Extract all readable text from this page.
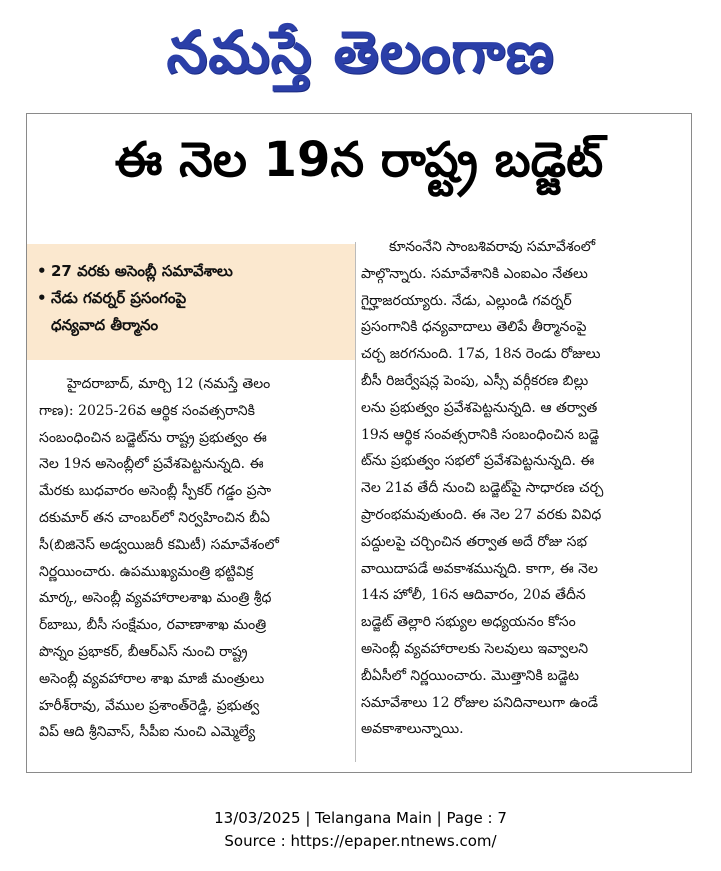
నమస్తే తెలంగాణ
ఈ నెల 19న రాష్ట్ర బడ్జెట్
• 27 వరకు అసెంబ్లీ సమావేశాలు
• నేడు గవర్నర్ ప్రసంగంపై
ధన్యవాద తీర్మానం
హైదరాబాద్, మార్చి 12 (నమస్తే తెలం
గాణ): 2025-26వ ఆర్థిక సంవత్సరానికి
సంబంధించిన బడ్జెట్‌ను రాష్ట్ర ప్రభుత్వం ఈ
నెల 19న అసెంబ్లీలో ప్రవేశపెట్టనున్నది. ఈ
మేరకు బుధవారం అసెంబ్లీ స్పీకర్ గడ్డం ప్రసా
దకుమార్ తన చాంబర్‌లో నిర్వహించిన బీఏ
సీ(బిజినెస్ అడ్వయిజరీ కమిటీ) సమావేశంలో
నిర్ణయించారు. ఉపముఖ్యమంత్రి భట్టివిక్ర
మార్క, అసెంబ్లీ వ్యవహారాలశాఖ మంత్రి శ్రీధ
ర్‌బాబు, బీసీ సంక్షేమం, రవాణాశాఖ మంత్రి
పొన్నం ప్రభాకర్, బీఆర్‌ఎస్ నుంచి రాష్ట్ర
అసెంబ్లీ వ్యవహారాల శాఖ మాజీ మంత్రులు
హరీశ్‌రావు, వేముల ప్రశాంత్‌రెడ్డి, ప్రభుత్వ
విప్ ఆది శ్రీనివాస్, సీపీఐ నుంచి ఎమ్మెల్యే
కూనంనేని సాంబశివరావు సమావేశంలో
పాల్గొన్నారు. సమావేశానికి ఎంఐఎం నేతలు
గైర్హాజరయ్యారు. నేడు, ఎల్లుండి గవర్నర్
ప్రసంగానికి ధన్యవాదాలు తెలిపే తీర్మానంపై
చర్చ జరగనుంది. 17వ, 18న రెండు రోజులు
బీసీ రిజర్వేషన్ల పెంపు, ఎస్సీ వర్గీకరణ బిల్లు
లను ప్రభుత్వం ప్రవేశపెట్టనున్నది. ఆ తర్వాత
19న ఆర్థిక సంవత్సరానికి సంబంధించిన బడ్జె
ట్‌ను ప్రభుత్వం సభలో ప్రవేశపెట్టనున్నది. ఈ
నెల 21వ తేదీ నుంచి బడ్జెట్‌పై సాధారణ చర్చ
ప్రారంభమవుతుంది. ఈ నెల 27 వరకు వివిధ
పద్దులపై చర్చించిన తర్వాత అదే రోజు సభ
వాయిదాపడే అవకాశమున్నది. కాగా, ఈ నెల
14న హోలీ, 16న ఆదివారం, 20వ తేదీన
బడ్జెట్ తెల్లారి సభ్యుల అధ్యయనం కోసం
అసెంబ్లీ వ్యవహారాలకు సెలవులు ఇవ్వాలని
బీఏసీలో నిర్ణయించారు. మొత్తానికి బడ్జెట
సమావేశాలు 12 రోజుల పనిదినాలుగా ఉండే
అవకాశాలున్నాయి.
13/03/2025 | Telangana Main | Page : 7
Source : https://epaper.ntnews.com/
